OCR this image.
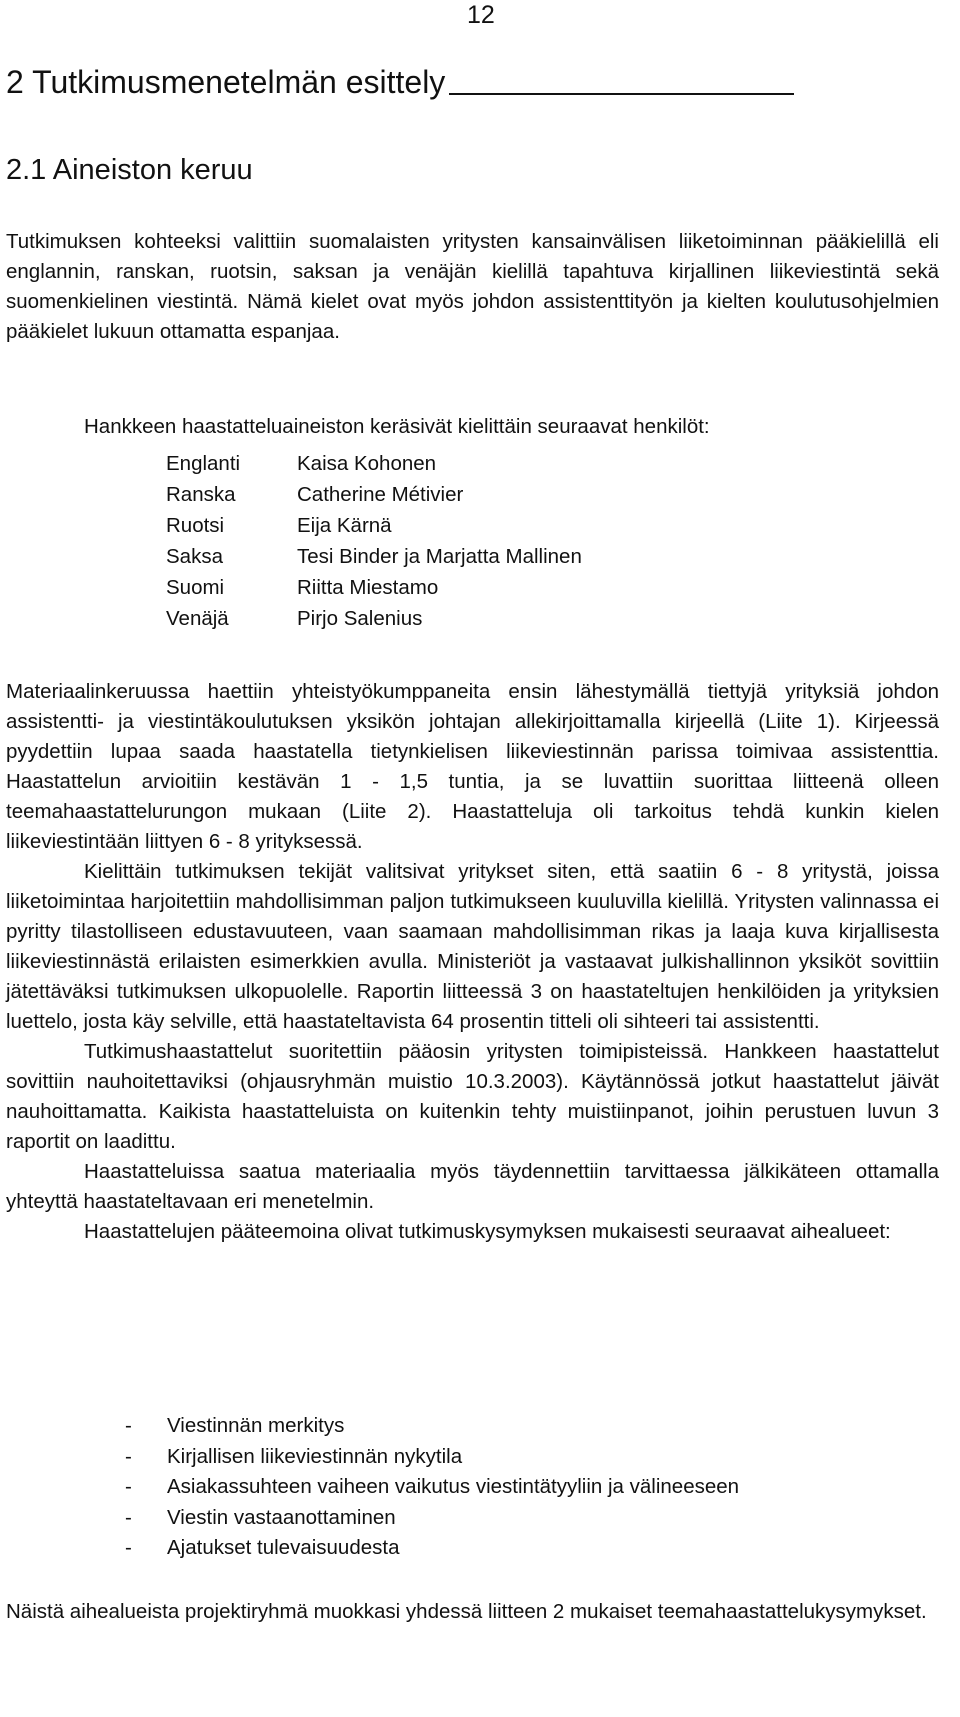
12
2 Tutkimusmenetelmän esittely
2.1 Aineiston keruu

Tutkimuksen kohteeksi valittiin suomalaisten yritysten kansainvälisen liiketoiminnan pääkielillä eli englannin, ranskan, ruotsin, saksan ja venäjän kielillä tapahtuva kirjallinen liikeviestintä sekä suomenkielinen viestintä. Nämä kielet ovat myös johdon assistenttityön ja kielten koulutusohjelmien pääkielet lukuun ottamatta espanjaa.

Hankkeen haastatteluaineiston keräsivät kielittäin seuraavat henkilöt:

Englanti	Kaisa Kohonen
Ranska	Catherine Métivier
Ruotsi	Eija Kärnä
Saksa	Tesi Binder ja Marjatta Mallinen
Suomi	Riitta Miestamo
Venäjä	Pirjo Salenius

Materiaalinkeruussa haettiin yhteistyökumppaneita ensin lähestymällä tiettyjä yrityksiä johdon assistentti- ja viestintäkoulutuksen yksikön johtajan allekirjoittamalla kirjeellä (Liite 1). Kirjeessä pyydettiin lupaa saada haastatella tietynkielisen liikeviestinnän parissa toimivaa assistenttia. Haastattelun arvioitiin kestävän 1 - 1,5 tuntia, ja se luvattiin suorittaa liitteenä olleen teemahaastattelurungon mukaan (Liite 2). Haastatteluja oli tarkoitus tehdä kunkin kielen liikeviestintään liittyen 6 - 8 yrityksessä.

Kielittäin tutkimuksen tekijät valitsivat yritykset siten, että saatiin 6 - 8 yritystä, joissa liiketoimintaa harjoitettiin mahdollisimman paljon tutkimukseen kuuluvilla kielillä. Yritysten valinnassa ei pyritty tilastolliseen edustavuuteen, vaan saamaan mahdollisimman rikas ja laaja kuva kirjallisesta liikeviestinnästä erilaisten esimerkkien avulla. Ministeriöt ja vastaavat julkishallinnon yksiköt sovittiin jätettäväksi tutkimuksen ulkopuolelle. Raportin liitteessä 3 on haastateltujen henkilöiden ja yrityksien luettelo, josta käy selville, että haastateltavista 64 prosentin titteli oli sihteeri tai assistentti.

Tutkimushaastattelut suoritettiin pääosin yritysten toimipisteissä. Hankkeen haastattelut sovittiin nauhoitettaviksi (ohjausryhmän muistio 10.3.2003). Käytännössä jotkut haastattelut jäivät nauhoittamatta. Kaikista haastatteluista on kuitenkin tehty muistiinpanot, joihin perustuen luvun 3 raportit on laadittu.

Haastatteluissa saatua materiaalia myös täydennettiin tarvittaessa jälkikäteen ottamalla yhteyttä haastateltavaan eri menetelmin.

Haastattelujen pääteemoina olivat tutkimuskysymyksen mukaisesti seuraavat aihealueet:

-	Viestinnän merkitys
-	Kirjallisen liikeviestinnän nykytila
-	Asiakassuhteen vaiheen vaikutus viestintätyyliin ja välineeseen
-	Viestin vastaanottaminen
-	Ajatukset tulevaisuudesta

Näistä aihealueista projektiryhmä muokkasi yhdessä liitteen 2 mukaiset teemahaastattelukysymykset.
